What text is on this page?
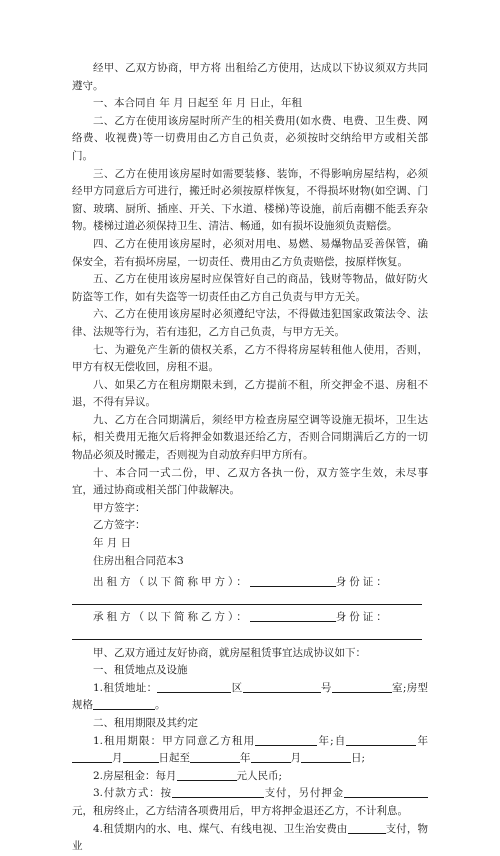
经甲、乙双方协商，甲方将 出租给乙方使用，达成以下协议须双方共同遵守。

一、本合同自 年 月 日起至 年 月 日止，年租

二、乙方在使用该房屋时所产生的相关费用(如水费、电费、卫生费、网络费、收视费)等一切费用由乙方自己负责，必须按时交纳给甲方或相关部门。

三、乙方在使用该房屋时如需要装修、装饰，不得影响房屋结构，必须经甲方同意后方可进行，搬迁时必须按原样恢复，不得损坏财物(如空调、门窗、玻璃、厨所、插座、开关、下水道、楼梯)等设施，前后南棚不能丢弃杂物。楼梯过道必须保持卫生、清洁、畅通，如有损坏设施须负责赔偿。

四、乙方在使用该房屋时，必须对用电、易燃、易爆物品妥善保管，确保安全，若有损坏房屋，一切责任、费用由乙方负责赔偿，按原样恢复。

五、乙方在使用该房屋时应保管好自己的商品，钱财等物品，做好防火防盗等工作，如有失盗等一切责任由乙方自己负责与甲方无关。

六、乙方在使用该房屋时必须遵纪守法，不得做违犯国家政策法令、法律、法规等行为，若有违犯，乙方自己负责，与甲方无关。

七、为避免产生新的债权关系，乙方不得将房屋转租他人使用，否则，甲方有权无偿收回，房租不退。

八、如果乙方在租房期限未到，乙方提前不租，所交押金不退、房租不退，不得有异议。

九、乙方在合同期满后，须经甲方检查房屋空调等设施无损坏，卫生达标，相关费用无拖欠后将押金如数退还给乙方，否则合同期满后乙方的一切物品必须及时搬走，否则视为自动放弃归甲方所有。

十、本合同一式二份，甲、乙双方各执一份，双方签字生效，未尽事宜，通过协商或相关部门仲裁解决。

甲方签字：

乙方签字：

年 月 日

住房出租合同范本3

出租方（以下简称甲方）：	身份证：

承租方（以下简称乙方）：	身份证：

甲、乙双方通过友好协商，就房屋租赁事宜达成协议如下：

一、租赁地点及设施

1.租赁地址：	区	号	室;房型规格	。

二、租用期限及其约定

1.租用期限：甲方同意乙方租用	年;自	年月	日起至	年	月	日;

2.房屋租金：每月	元人民币;

3.付款方式：按	支付，另付押金元，租房终止，乙方结清各项费用后，甲方将押金退还乙方，不计利息。

4.租赁期内的水、电、煤气、有线电视、卫生治安费由	支付，物业
